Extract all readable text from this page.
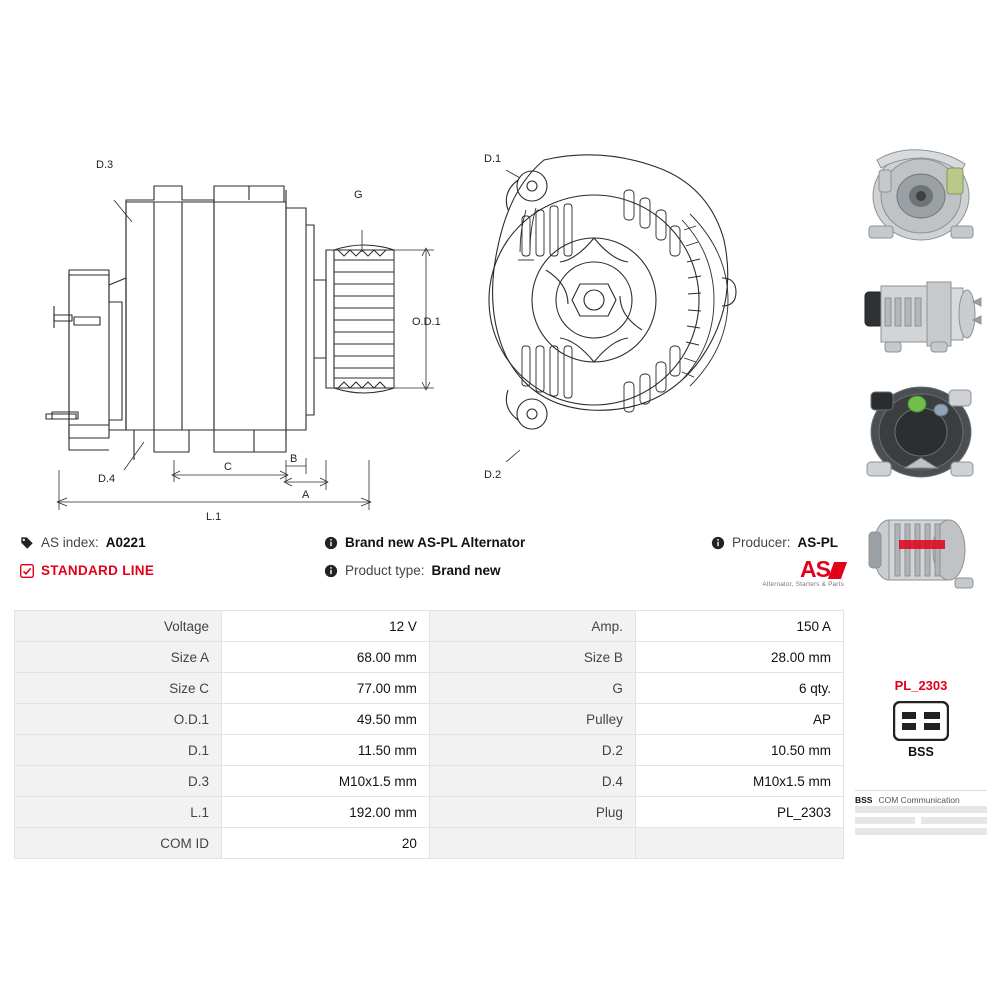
D.3
G
O.D.1
D.4
C
A
B
L.1
D.1
D.2
AS index: A0221	Brand new AS-PL Alternator	Producer: AS-PL
STANDARD LINE	Product type: Brand new	AS
Alternator, Starters & Parts
Voltage	12 V	Amp.	150 A
Size A	68.00 mm	Size B	28.00 mm
Size C	77.00 mm	G	6 qty.
O.D.1	49.50 mm	Pulley	AP
D.1	11.50 mm	D.2	10.50 mm
D.3	M10x1.5 mm	D.4	M10x1.5 mm
L.1	192.00 mm	Plug	PL_2303
COM ID	20		
PL_2303
BSS
BSS COM Communication
